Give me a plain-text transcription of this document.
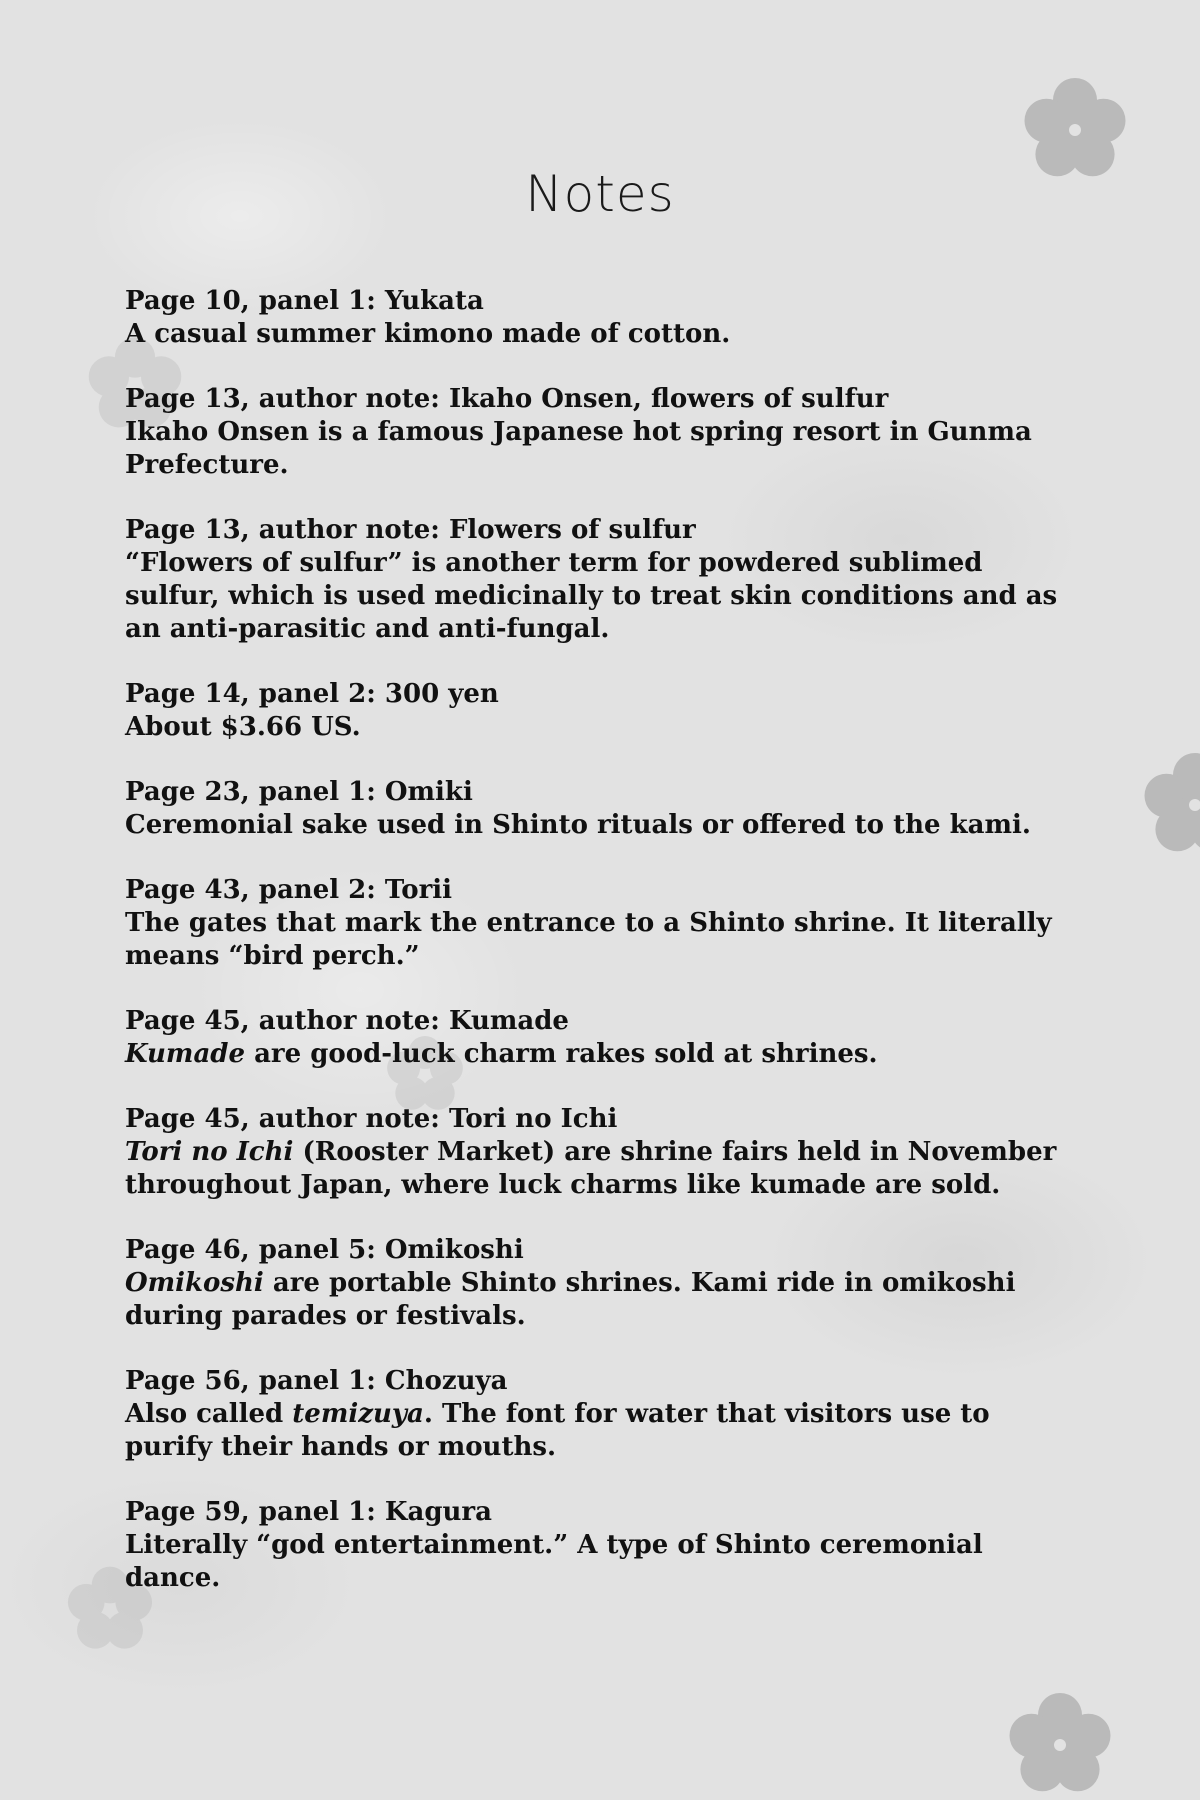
Notes
Page 10, panel 1: Yukata
A casual summer kimono made of cotton.
Page 13, author note: Ikaho Onsen, flowers of sulfur
Ikaho Onsen is a famous Japanese hot spring resort in Gunma Prefecture.
Page 13, author note: Flowers of sulfur
“Flowers of sulfur” is another term for powdered sublimed sulfur, which is used medicinally to treat skin conditions and as an anti-parasitic and anti-fungal.
Page 14, panel 2: 300 yen
About $3.66 US.
Page 23, panel 1: Omiki
Ceremonial sake used in Shinto rituals or offered to the kami.
Page 43, panel 2: Torii
The gates that mark the entrance to a Shinto shrine. It literally means “bird perch.”
Page 45, author note: Kumade
Kumade are good-luck charm rakes sold at shrines.
Page 45, author note: Tori no Ichi
Tori no Ichi (Rooster Market) are shrine fairs held in November throughout Japan, where luck charms like kumade are sold.
Page 46, panel 5: Omikoshi
Omikoshi are portable Shinto shrines. Kami ride in omikoshi during parades or festivals.
Page 56, panel 1: Chozuya
Also called temizuya. The font for water that visitors use to purify their hands or mouths.
Page 59, panel 1: Kagura
Literally “god entertainment.” A type of Shinto ceremonial dance.
